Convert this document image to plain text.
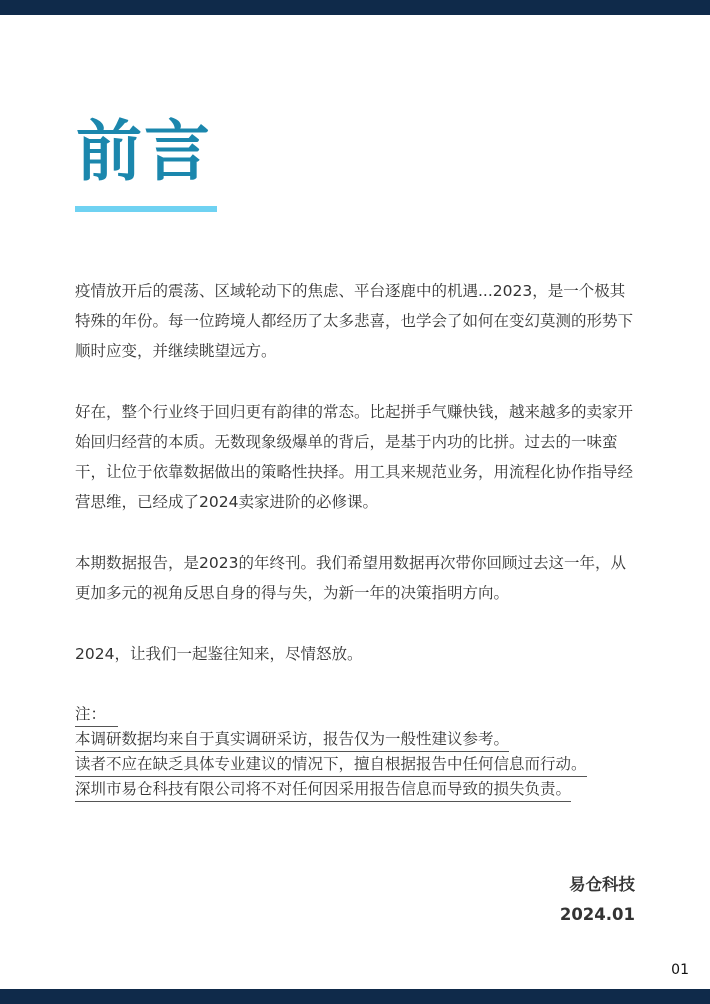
前言

疫情放开后的震荡、区域轮动下的焦虑、平台逐鹿中的机遇...2023，是一个极其特殊的年份。每一位跨境人都经历了太多悲喜，也学会了如何在变幻莫测的形势下顺时应变，并继续眺望远方。

好在，整个行业终于回归更有韵律的常态。比起拼手气赚快钱，越来越多的卖家开始回归经营的本质。无数现象级爆单的背后，是基于内功的比拼。过去的一味蛮干，让位于依靠数据做出的策略性抉择。用工具来规范业务，用流程化协作指导经营思维，已经成了2024卖家进阶的必修课。

本期数据报告，是2023的年终刊。我们希望用数据再次带你回顾过去这一年，从更加多元的视角反思自身的得与失，为新一年的决策指明方向。

2024，让我们一起鉴往知来，尽情怒放。

注：
本调研数据均来自于真实调研采访，报告仅为一般性建议参考。
读者不应在缺乏具体专业建议的情况下，擅自根据报告中任何信息而行动。
深圳市易仓科技有限公司将不对任何因采用报告信息而导致的损失负责。
易仓科技
2024.01
01
